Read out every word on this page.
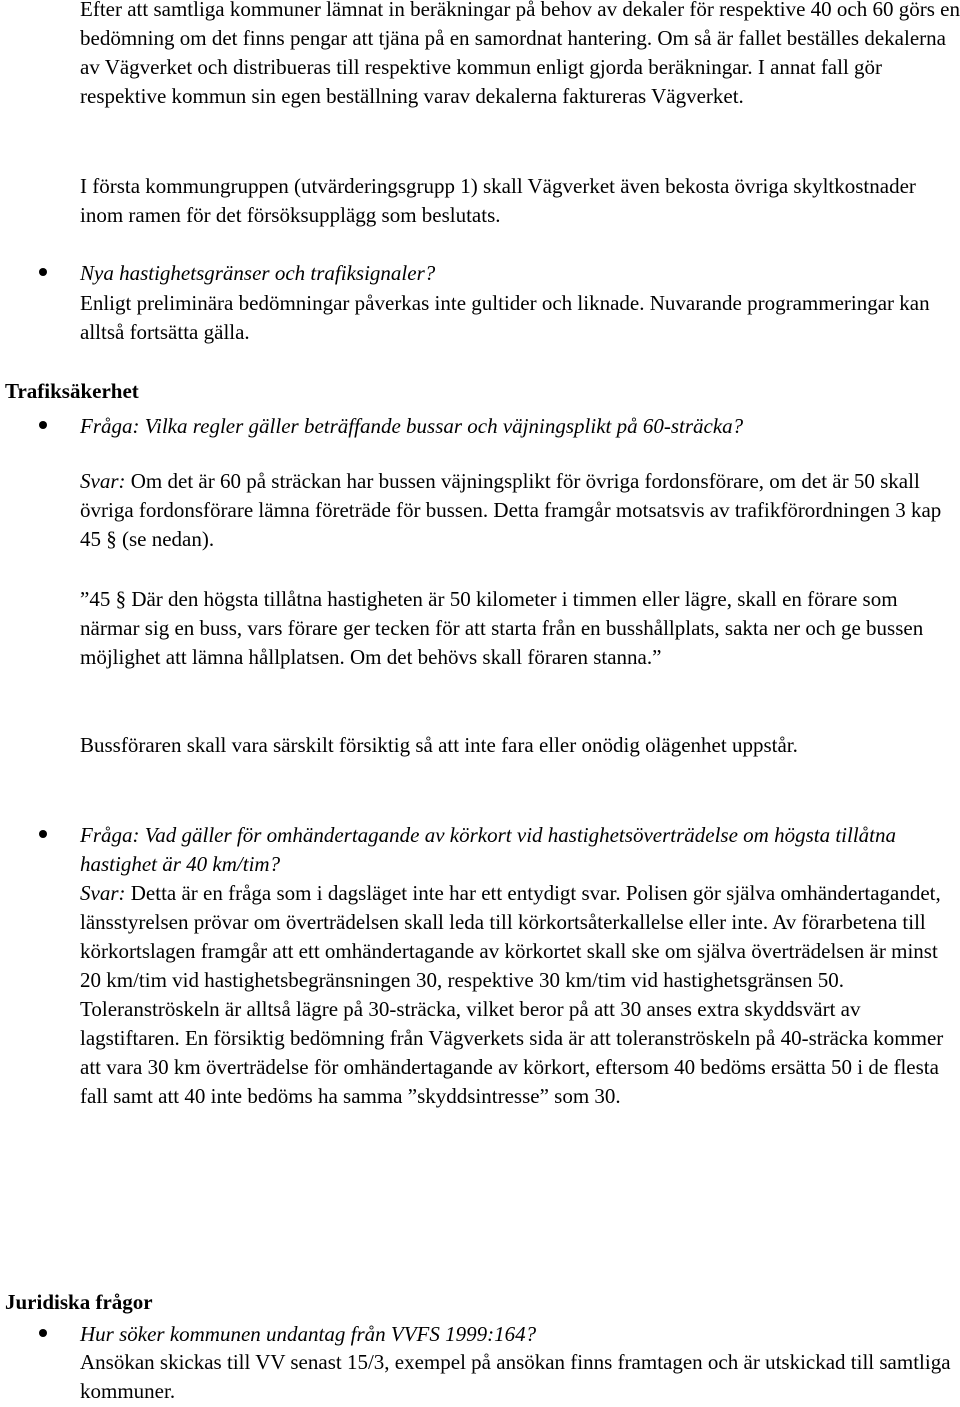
Efter att samtliga kommuner lämnat in beräkningar på behov av dekaler för respektive 40 och 60 görs en bedömning om det finns pengar att tjäna på en samordnat hantering. Om så är fallet beställes dekalerna av Vägverket och distribueras till respektive kommun enligt gjorda beräkningar. I annat fall gör respektive kommun sin egen beställning varav dekalerna faktureras Vägverket.

I första kommungruppen (utvärderingsgrupp 1) skall Vägverket även bekosta övriga skyltkostnader inom ramen för det försöksupplägg som beslutats.

Nya hastighetsgränser och trafiksignaler?

Enligt preliminära bedömningar påverkas inte gultider och liknade. Nuvarande programmeringar kan alltså fortsätta gälla.

Trafiksäkerhet

Fråga: Vilka regler gäller beträffande bussar och väjningsplikt på 60-sträcka?

Svar: Om det är 60 på sträckan har bussen väjningsplikt för övriga fordonsförare, om det är 50 skall övriga fordonsförare lämna företräde för bussen. Detta framgår motsatsvis av trafikförordningen 3 kap 45 § (se nedan).

”45 § Där den högsta tillåtna hastigheten är 50 kilometer i timmen eller lägre, skall en förare som närmar sig en buss, vars förare ger tecken för att starta från en busshållplats, sakta ner och ge bussen möjlighet att lämna hållplatsen. Om det behövs skall föraren stanna.”

Bussföraren skall vara särskilt försiktig så att inte fara eller onödig olägenhet uppstår.

Fråga: Vad gäller för omhändertagande av körkort vid hastighetsöverträdelse om högsta tillåtna hastighet är 40 km/tim?

Svar: Detta är en fråga som i dagsläget inte har ett entydigt svar. Polisen gör själva omhändertagandet, länsstyrelsen prövar om överträdelsen skall leda till körkortsåterkallelse eller inte. Av förarbetena till körkortslagen framgår att ett omhändertagande av körkortet skall ske om själva överträdelsen är minst 20 km/tim vid hastighetsbegränsningen 30, respektive 30 km/tim vid hastighetsgränsen 50. Toleranströskeln är alltså lägre på 30-sträcka, vilket beror på att 30 anses extra skyddsvärt av lagstiftaren. En försiktig bedömning från Vägverkets sida är att toleranströskeln på 40-sträcka kommer att vara 30 km överträdelse för omhändertagande av körkort, eftersom 40 bedöms ersätta 50 i de flesta fall samt att 40 inte bedöms ha samma ”skyddsintresse” som 30.

Juridiska frågor

Hur söker kommunen undantag från VVFS 1999:164?

Ansökan skickas till VV senast 15/3, exempel på ansökan finns framtagen och är utskickad till samtliga kommuner.
